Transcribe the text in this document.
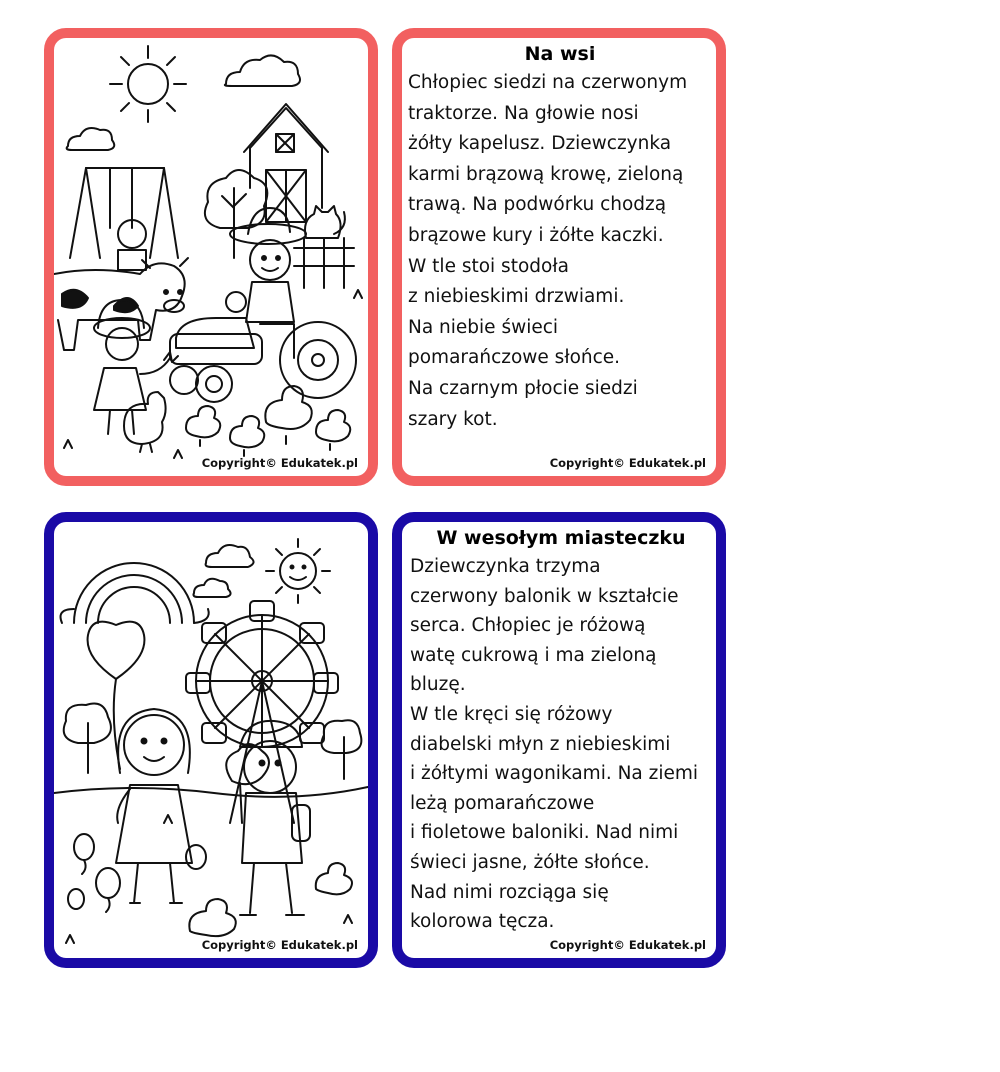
Copyright© Edukatek.pl
Na wsi
Chłopiec siedzi na czerwonym
traktorze. Na głowie nosi
żółty kapelusz. Dziewczynka
karmi brązową krowę, zieloną
trawą. Na podwórku chodzą
brązowe kury i żółte kaczki.
W tle stoi stodoła
z niebieskimi drzwiami.
Na niebie świeci
pomarańczowe słońce.
Na czarnym płocie siedzi
szary kot.
Copyright© Edukatek.pl
Copyright© Edukatek.pl
W wesołym miasteczku
Dziewczynka trzyma
czerwony balonik w kształcie
serca. Chłopiec je różową
watę cukrową i ma zieloną
bluzę.
W tle kręci się różowy
diabelski młyn z niebieskimi
i żółtymi wagonikami. Na ziemi
leżą pomarańczowe
i fioletowe baloniki. Nad nimi
świeci jasne, żółte słońce.
Nad nimi rozciąga się
kolorowa tęcza.
Copyright© Edukatek.pl
